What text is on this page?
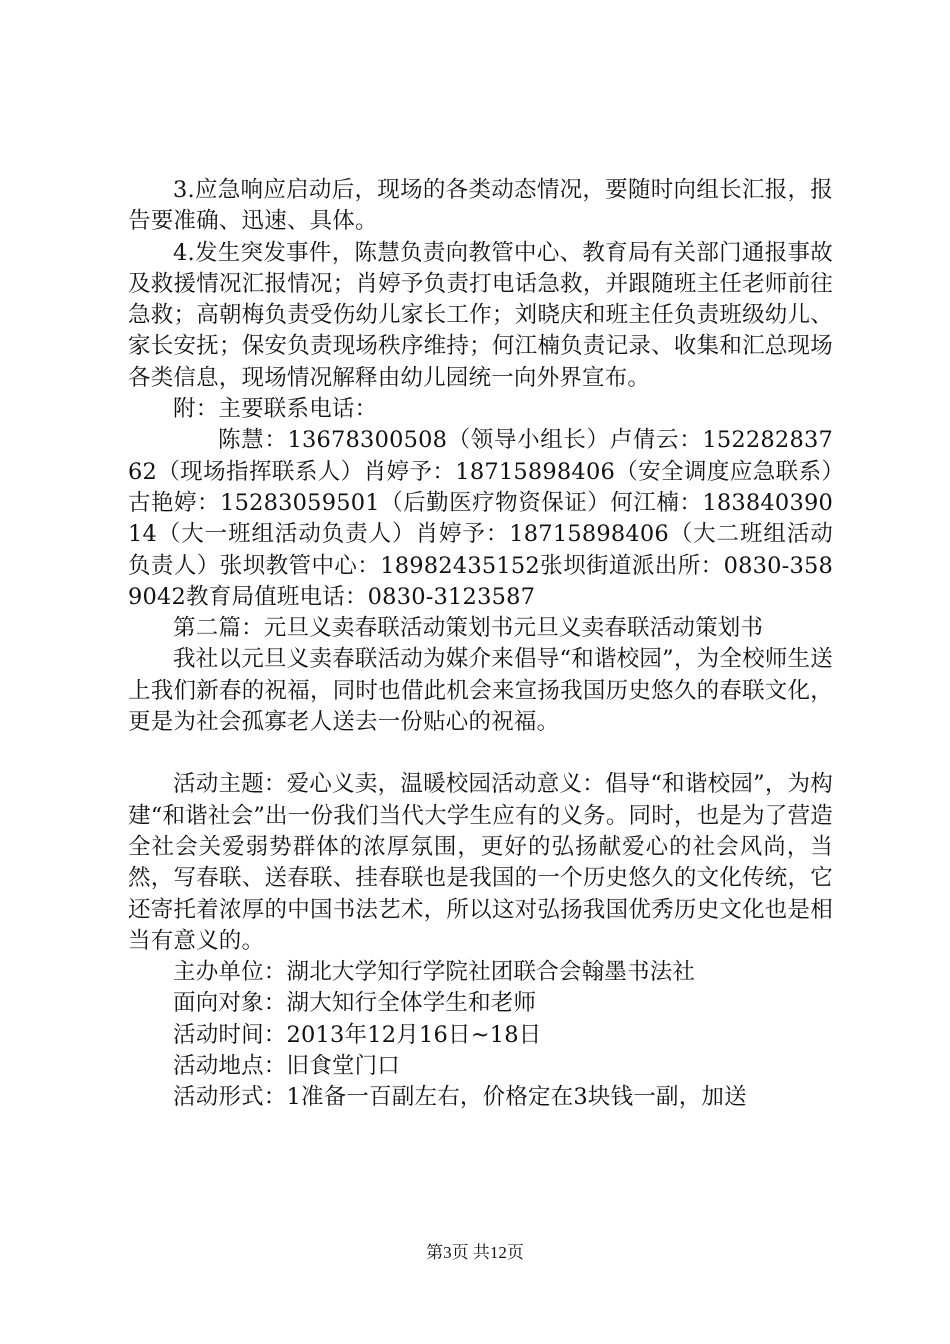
3.应急响应启动后，现场的各类动态情况，要随时向组长汇报，报告要准确、迅速、具体。

4.发生突发事件，陈慧负责向教管中心、教育局有关部门通报事故及救援情况汇报情况；肖婷予负责打电话急救，并跟随班主任老师前往急救；高朝梅负责受伤幼儿家长工作；刘晓庆和班主任负责班级幼儿、家长安抚；保安负责现场秩序维持；何江楠负责记录、收集和汇总现场各类信息，现场情况解释由幼儿园统一向外界宣布。

附：主要联系电话：

陈慧：13678300508（领导小组长）卢倩云：15228283762（现场指挥联系人）肖婷予：18715898406（安全调度应急联系）古艳婷：15283059501（后勤医疗物资保证）何江楠：18384039014（大一班组活动负责人）肖婷予：18715898406（大二班组活动负责人）张坝教管中心：18982435152张坝街道派出所：0830-3589042教育局值班电话：0830-3123587

第二篇：元旦义卖春联活动策划书元旦义卖春联活动策划书

我社以元旦义卖春联活动为媒介来倡导“和谐校园”，为全校师生送上我们新春的祝福，同时也借此机会来宣扬我国历史悠久的春联文化，更是为社会孤寡老人送去一份贴心的祝福。

活动主题：爱心义卖，温暖校园活动意义：倡导“和谐校园”，为构建“和谐社会”出一份我们当代大学生应有的义务。同时，也是为了营造全社会关爱弱势群体的浓厚氛围，更好的弘扬献爱心的社会风尚，当然，写春联、送春联、挂春联也是我国的一个历史悠久的文化传统，它还寄托着浓厚的中国书法艺术，所以这对弘扬我国优秀历史文化也是相当有意义的。

主办单位：湖北大学知行学院社团联合会翰墨书法社

面向对象：湖大知行全体学生和老师

活动时间：2013年12月16日~18日

活动地点：旧食堂门口

活动形式：1准备一百副左右，价格定在3块钱一副，加送

第3页 共12页
